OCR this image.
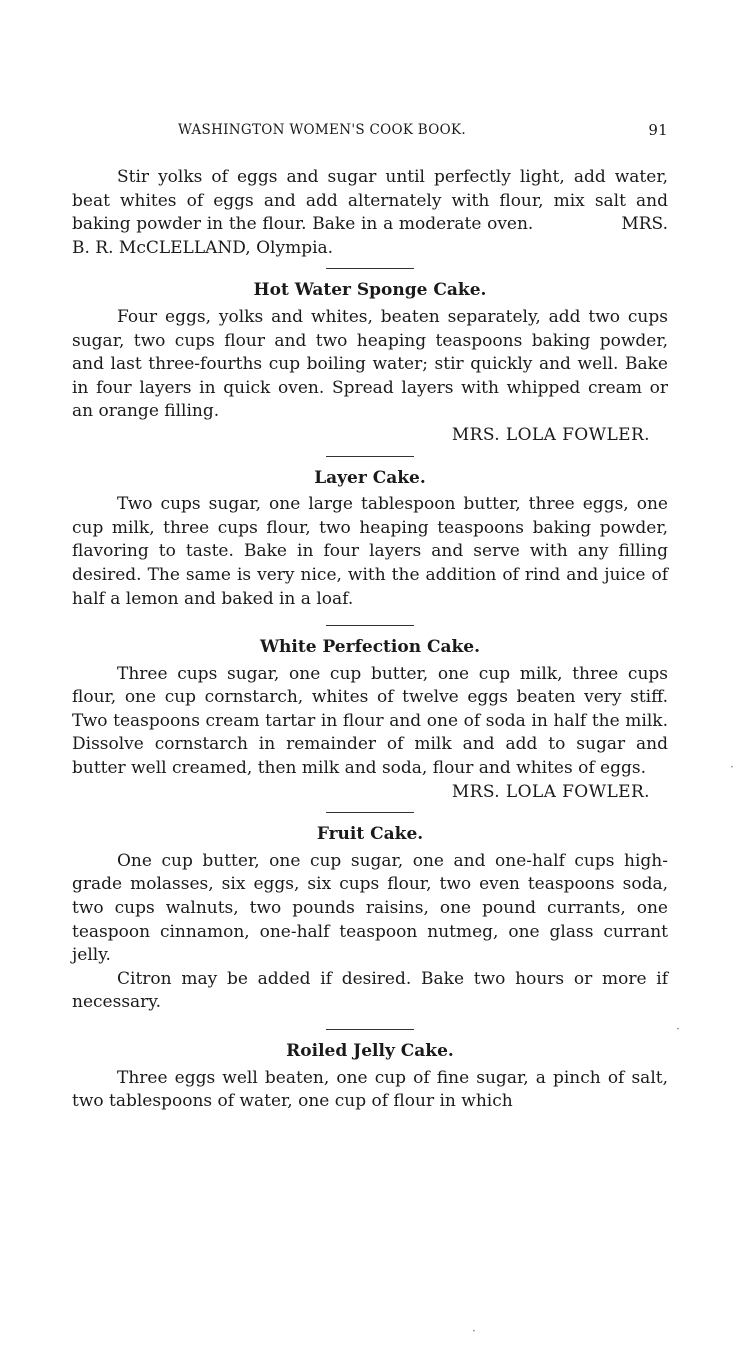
WASHINGTON WOMEN'S COOK BOOK.	91

Stir yolks of eggs and sugar until perfectly light, add water, beat whites of eggs and add alternately with flour, mix salt and baking powder in the flour. Bake in a moderate oven.	MRS. B. R. McCLELLAND, Olympia.

Hot Water Sponge Cake.

Four eggs, yolks and whites, beaten separately, add two cups sugar, two cups flour and two heaping teaspoons baking powder, and last three-fourths cup boiling water; stir quickly and well. Bake in four layers in quick oven. Spread layers with whipped cream or an orange filling.

MRS. LOLA FOWLER.
Layer Cake.

Two cups sugar, one large tablespoon butter, three eggs, one cup milk, three cups flour, two heaping teaspoons baking powder, flavoring to taste. Bake in four layers and serve with any filling desired. The same is very nice, with the addition of rind and juice of half a lemon and baked in a loaf.

White Perfection Cake.

Three cups sugar, one cup butter, one cup milk, three cups flour, one cup cornstarch, whites of twelve eggs beaten very stiff. Two teaspoons cream tartar in flour and one of soda in half the milk. Dissolve cornstarch in remainder of milk and add to sugar and butter well creamed, then milk and soda, flour and whites of eggs.

MRS. LOLA FOWLER.
Fruit Cake.

One cup butter, one cup sugar, one and one-half cups high-grade molasses, six eggs, six cups flour, two even teaspoons soda, two cups walnuts, two pounds raisins, one pound currants, one teaspoon cinnamon, one-half teaspoon nutmeg, one glass currant jelly.

Citron may be added if desired. Bake two hours or more if necessary.

Roiled Jelly Cake.

Three eggs well beaten, one cup of fine sugar, a pinch of salt, two tablespoons of water, one cup of flour in which

·
·
·
